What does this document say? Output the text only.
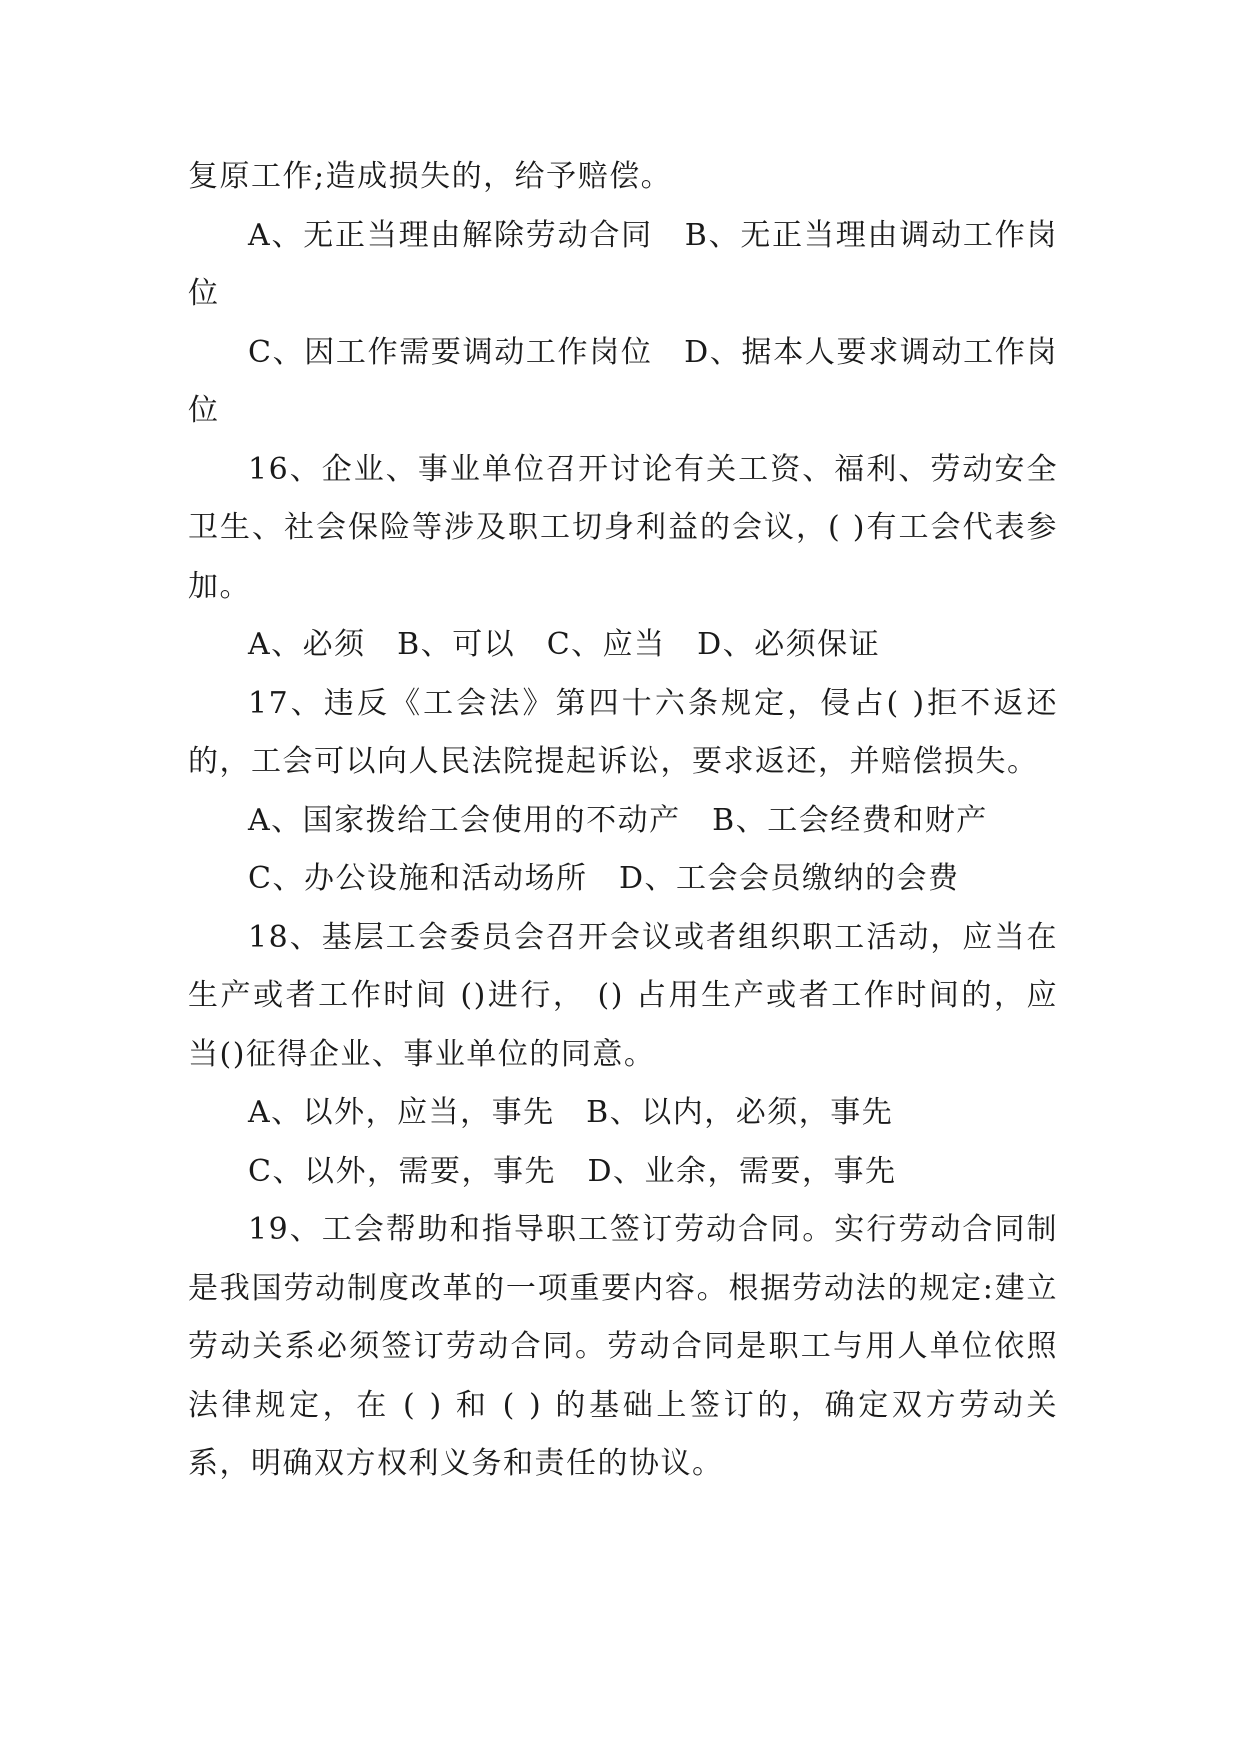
复原工作;造成损失的，给予赔偿。

A、无正当理由解除劳动合同　B、无正当理由调动工作岗位

C、因工作需要调动工作岗位　D、据本人要求调动工作岗位

16、企业、事业单位召开讨论有关工资、福利、劳动安全卫生、社会保险等涉及职工切身利益的会议，( )有工会代表参加。

A、必须　B、可以　C、应当　D、必须保证

17、违反《工会法》第四十六条规定，侵占( )拒不返还的，工会可以向人民法院提起诉讼，要求返还，并赔偿损失。

A、国家拨给工会使用的不动产　B、工会经费和财产

C、办公设施和活动场所　D、工会会员缴纳的会费

18、基层工会委员会召开会议或者组织职工活动，应当在生产或者工作时间 ()进行， () 占用生产或者工作时间的，应当()征得企业、事业单位的同意。

A、以外，应当，事先　B、以内，必须，事先

C、以外，需要，事先　D、业余，需要，事先

19、工会帮助和指导职工签订劳动合同。实行劳动合同制是我国劳动制度改革的一项重要内容。根据劳动法的规定:建立劳动关系必须签订劳动合同。劳动合同是职工与用人单位依照法律规定，在 ( ) 和 ( ) 的基础上签订的，确定双方劳动关系，明确双方权利义务和责任的协议。
